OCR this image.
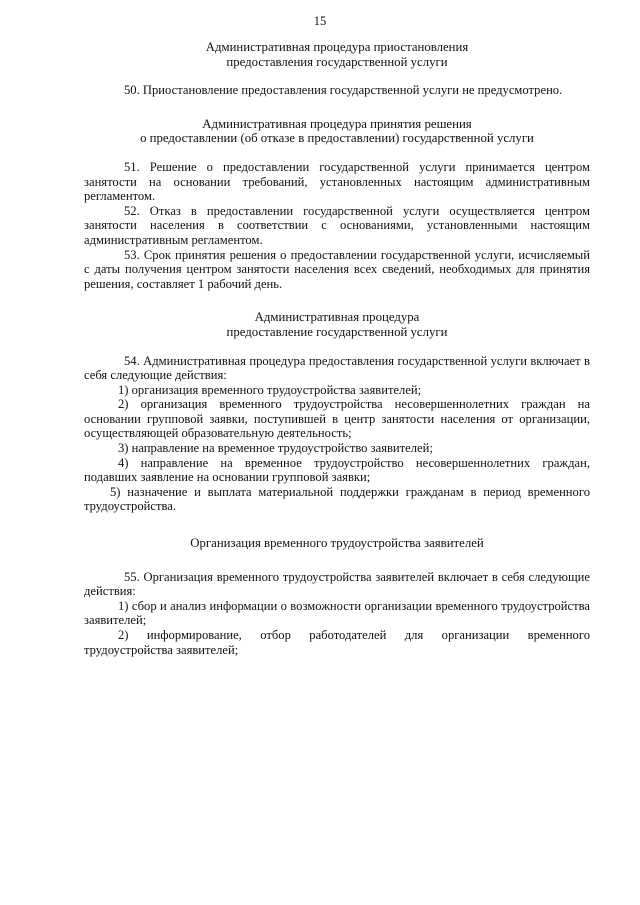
15
Административная процедура приостановления
предоставления государственной услуги
50. Приостановление предоставления государственной услуги не предусмотрено.
Административная процедура принятия решения
о предоставлении (об отказе в предоставлении) государственной услуги
51. Решение о предоставлении государственной услуги принимается центром занятости на основании требований, установленных настоящим административным регламентом.
52. Отказ в предоставлении государственной услуги осуществляется центром занятости населения в соответствии с основаниями, установленными настоящим административным регламентом.
53. Срок принятия решения о предоставлении государственной услуги, исчисляемый с даты получения центром занятости населения всех сведений, необходимых для принятия решения, составляет 1 рабочий день.
Административная процедура
предоставление государственной услуги
54. Административная процедура предоставления государственной услуги включает в себя следующие действия:
1) организация временного трудоустройства заявителей;
2) организация временного трудоустройства несовершеннолетних граждан на основании групповой заявки, поступившей в центр занятости населения от организации, осуществляющей образовательную деятельность;
3) направление на временное трудоустройство заявителей;
4) направление на временное трудоустройство несовершеннолетних граждан, подавших заявление на основании групповой заявки;
5) назначение и выплата материальной поддержки гражданам в период временного трудоустройства.
Организация временного трудоустройства заявителей
55. Организация временного трудоустройства заявителей включает в себя следующие действия:
1) сбор и анализ информации о возможности организации временного трудоустройства заявителей;
2) информирование, отбор работодателей для организации временного трудоустройства заявителей;
